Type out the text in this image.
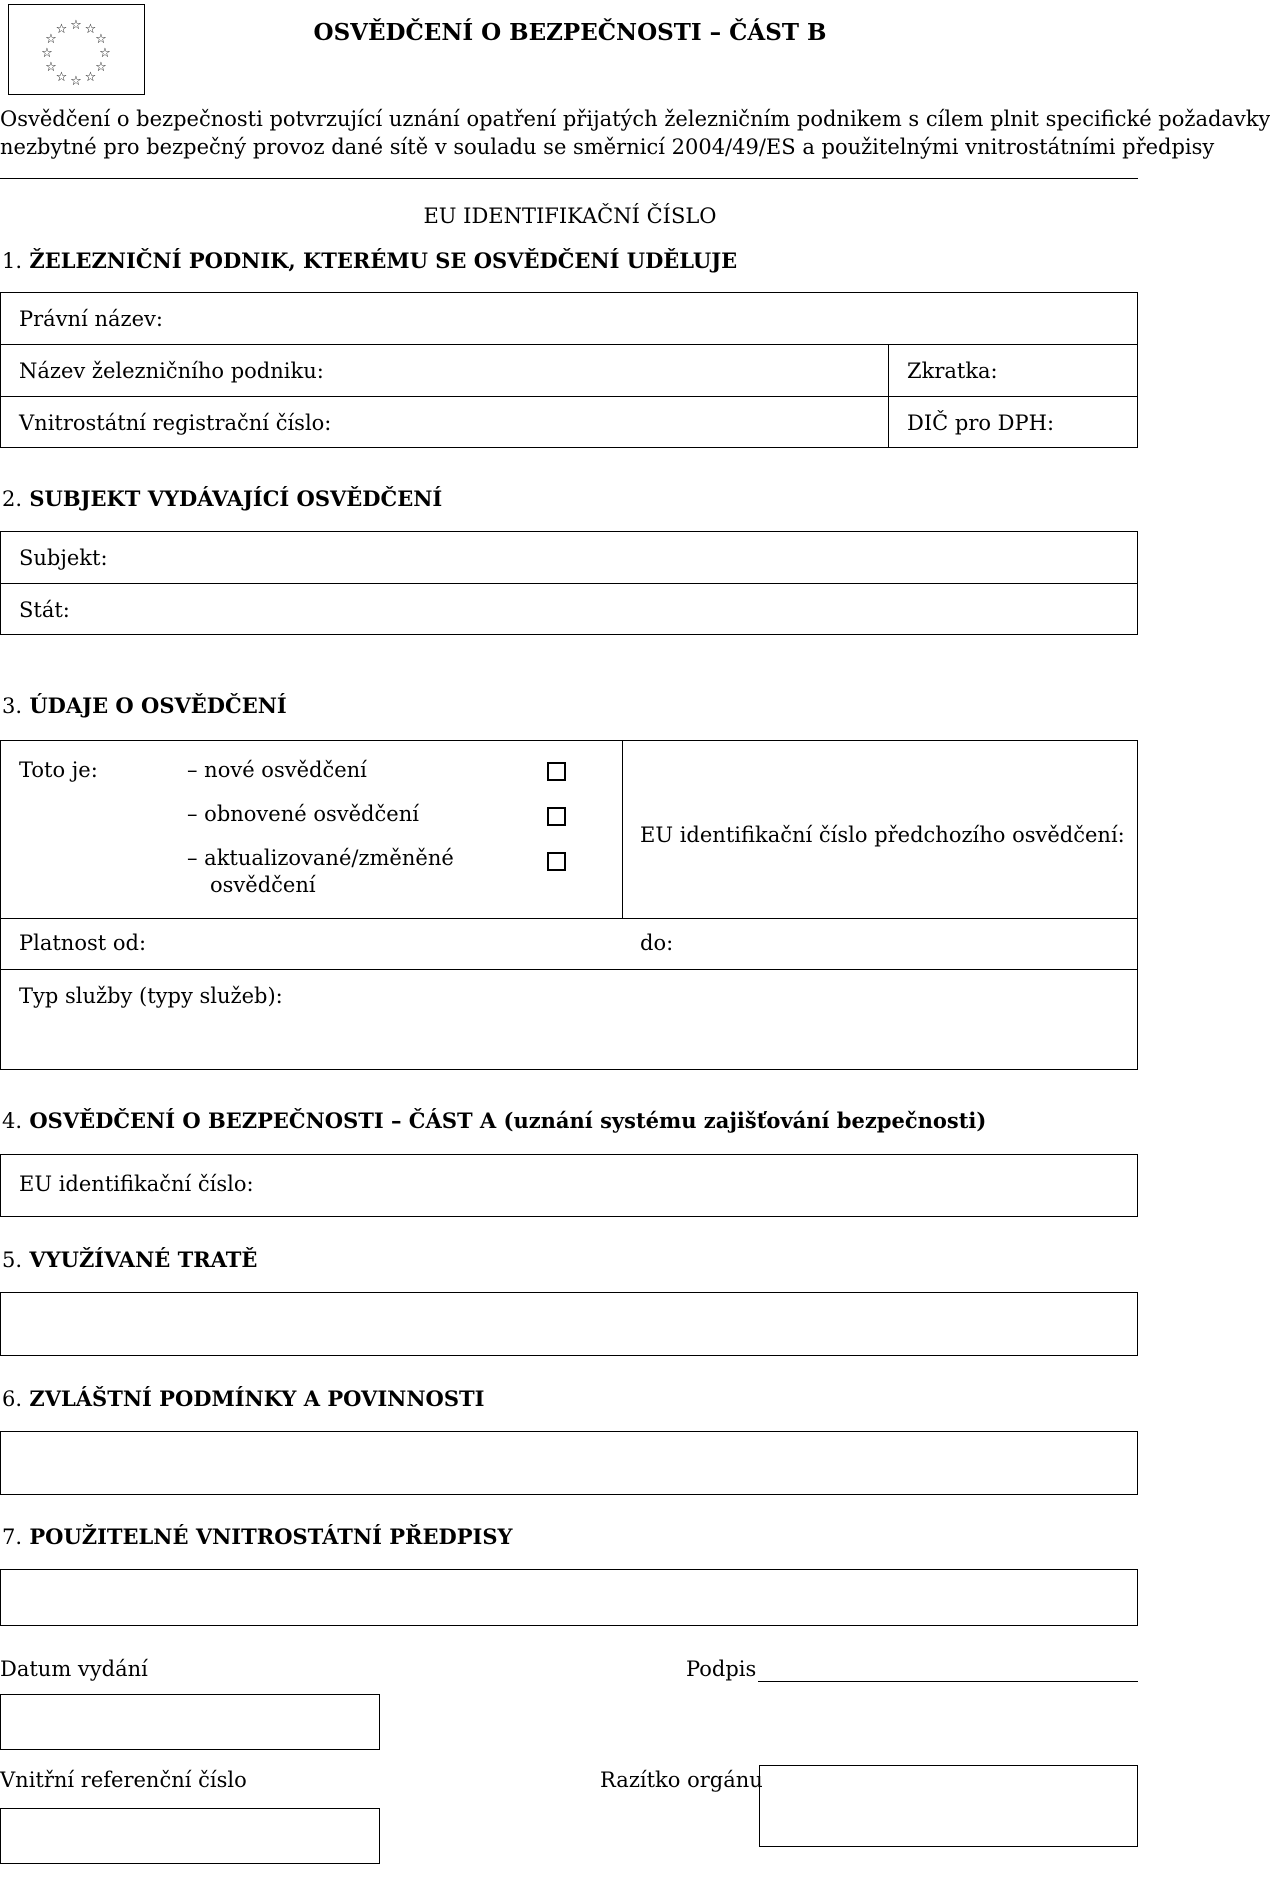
☆ ☆
☆
☆
☆
☆
☆
☆
☆
☆
☆
☆	OSVĚDČENÍ O BEZPEČNOSTI – ČÁST B
Osvědčení o bezpečnosti potvrzující uznání opatření přijatých železničním podnikem s cílem plnit specifické požadavky
nezbytné pro bezpečný provoz dané sítě v souladu se směrnicí 2004/49/ES a použitelnými vnitrostátními předpisy
EU IDENTIFIKAČNÍ ČÍSLO
1. ŽELEZNIČNÍ PODNIK, KTERÉMU SE OSVĚDČENÍ UDĚLUJE
Právní název:
Název železničního podniku:	Zkratka:
Vnitrostátní registrační číslo:	DIČ pro DPH:
2. SUBJEKT VYDÁVAJÍCÍ OSVĚDČENÍ
Subjekt:
Stát:
3. ÚDAJE O OSVĚDČENÍ
Toto je:	– nové osvědčení
– obnovené osvědčení
– aktualizované/změněné
osvědčení
EU identifikační číslo předchozího osvědčení:
Platnost od:	do:
Typ služby (typy služeb):
4. OSVĚDČENÍ O BEZPEČNOSTI – ČÁST A (uznání systému zajišťování bezpečnosti)
EU identifikační číslo:
5. VYUŽÍVANÉ TRATĚ
6. ZVLÁŠTNÍ PODMÍNKY A POVINNOSTI
7. POUŽITELNÉ VNITROSTÁTNÍ PŘEDPISY
Datum vydání	Podpis
Vnitřní referenční číslo	Razítko orgánu
